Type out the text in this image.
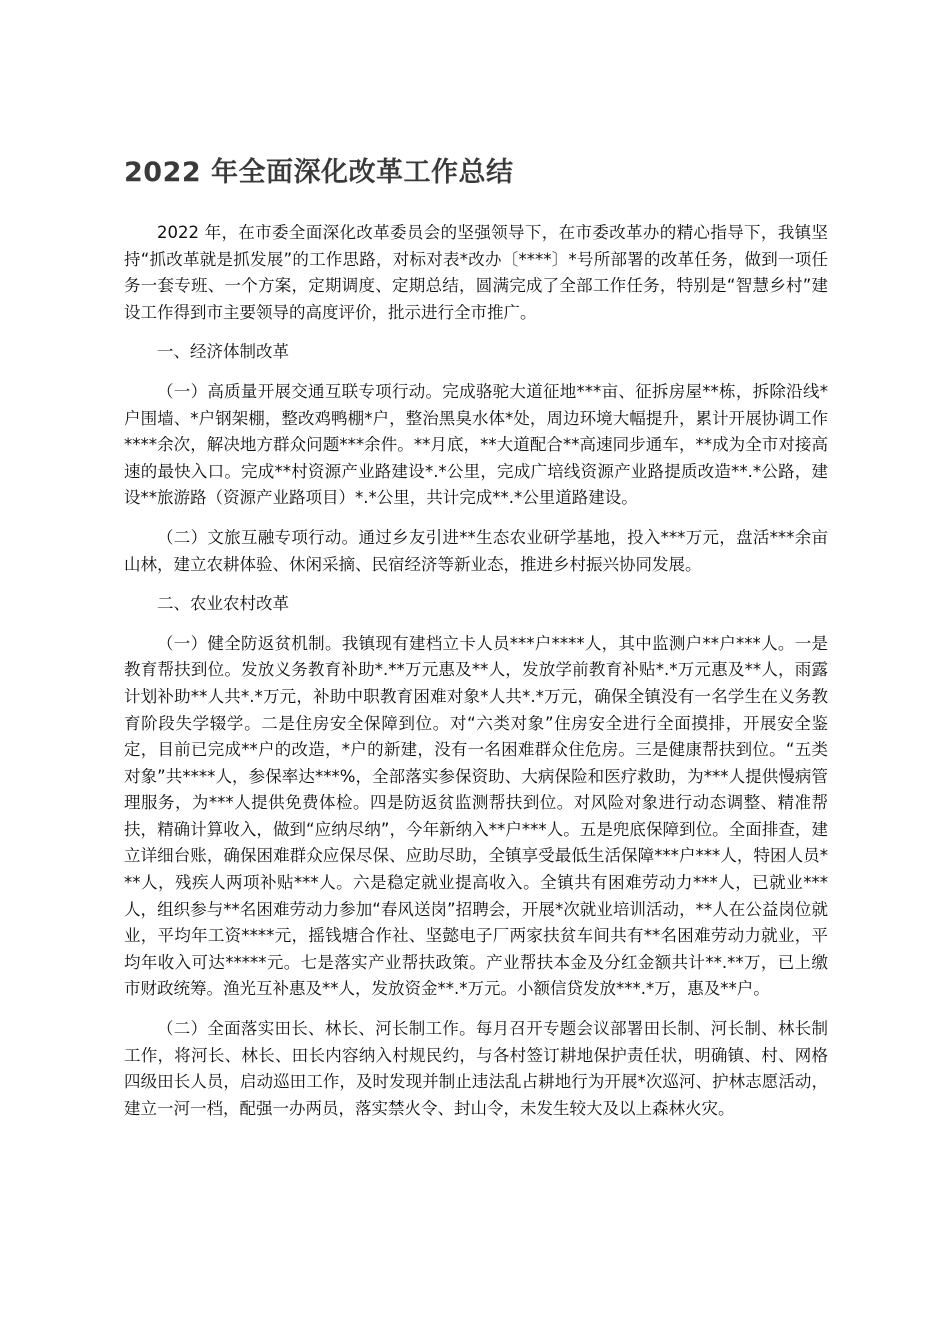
2022 年全面深化改革工作总结

2022 年，在市委全面深化改革委员会的坚强领导下，在市委改革办的精心指导下，我镇坚持“抓改革就是抓发展”的工作思路，对标对表*改办〔****〕*号所部署的改革任务，做到一项任务一套专班、一个方案，定期调度、定期总结，圆满完成了全部工作任务，特别是“智慧乡村”建设工作得到市主要领导的高度评价，批示进行全市推广。

一、经济体制改革

（一）高质量开展交通互联专项行动。完成骆驼大道征地***亩、征拆房屋**栋，拆除沿线*户围墙、*户钢架棚，整改鸡鸭棚*户，整治黑臭水体*处，周边环境大幅提升，累计开展协调工作****余次，解决地方群众问题***余件。**月底，**大道配合**高速同步通车，**成为全市对接高速的最快入口。完成**村资源产业路建设*.*公里，完成广培线资源产业路提质改造**.*公路，建设**旅游路（资源产业路项目）*.*公里，共计完成**.*公里道路建设。

（二）文旅互融专项行动。通过乡友引进**生态农业研学基地，投入***万元，盘活***余亩山林，建立农耕体验、休闲采摘、民宿经济等新业态，推进乡村振兴协同发展。

二、农业农村改革

（一）健全防返贫机制。我镇现有建档立卡人员***户****人，其中监测户**户***人。一是教育帮扶到位。发放义务教育补助*.**万元惠及**人，发放学前教育补贴*.*万元惠及**人，雨露计划补助**人共*.*万元，补助中职教育困难对象*人共*.*万元，确保全镇没有一名学生在义务教育阶段失学辍学。二是住房安全保障到位。对“六类对象”住房安全进行全面摸排，开展安全鉴定，目前已完成**户的改造，*户的新建，没有一名困难群众住危房。三是健康帮扶到位。“五类对象”共****人，参保率达***%，全部落实参保资助、大病保险和医疗救助，为***人提供慢病管理服务，为***人提供免费体检。四是防返贫监测帮扶到位。对风险对象进行动态调整、精准帮扶，精确计算收入，做到“应纳尽纳”，今年新纳入**户***人。五是兜底保障到位。全面排查，建立详细台账，确保困难群众应保尽保、应助尽助，全镇享受最低生活保障***户***人，特困人员***人，残疾人两项补贴***人。六是稳定就业提高收入。全镇共有困难劳动力***人，已就业***人，组织参与**名困难劳动力参加“春风送岗”招聘会，开展*次就业培训活动，**人在公益岗位就业，平均年工资****元，摇钱塘合作社、坚懿电子厂两家扶贫车间共有**名困难劳动力就业，平均年收入可达*****元。七是落实产业帮扶政策。产业帮扶本金及分红金额共计**.**万，已上缴市财政统筹。渔光互补惠及**人，发放资金**.*万元。小额信贷发放***.*万，惠及**户。

（二）全面落实田长、林长、河长制工作。每月召开专题会议部署田长制、河长制、林长制工作，将河长、林长、田长内容纳入村规民约，与各村签订耕地保护责任状，明确镇、村、网格四级田长人员，启动巡田工作，及时发现并制止违法乱占耕地行为开展*次巡河、护林志愿活动，建立一河一档，配强一办两员，落实禁火令、封山令，未发生较大及以上森林火灾。
